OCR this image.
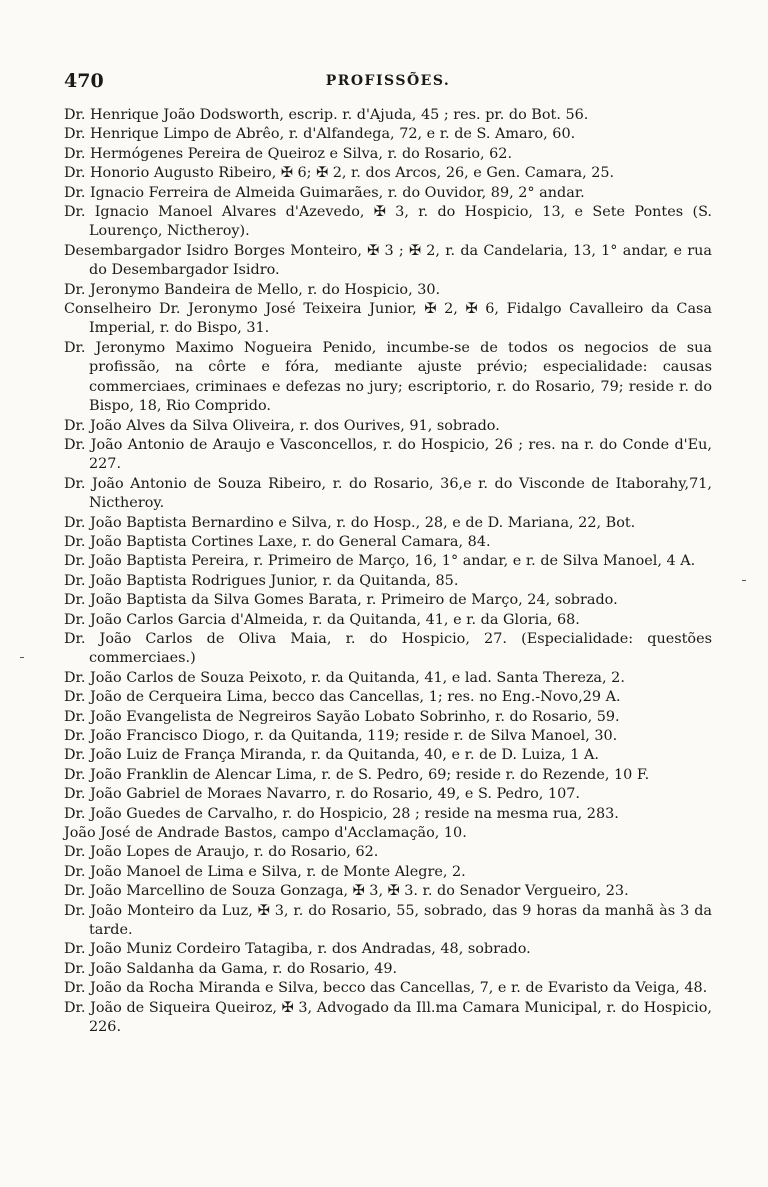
470	PROFISSÕES.

Dr. Henrique João Dodsworth, escrip. r. d'Ajuda, 45 ; res. pr. do Bot. 56.

Dr. Henrique Limpo de Abrêo, r. d'Alfandega, 72, e r. de S. Amaro, 60.

Dr. Hermógenes Pereira de Queiroz e Silva, r. do Rosario, 62.

Dr. Honorio Augusto Ribeiro, ✠ 6; ✠ 2, r. dos Arcos, 26, e Gen. Camara, 25.

Dr. Ignacio Ferreira de Almeida Guimarães, r. do Ouvidor, 89, 2° andar.

Dr. Ignacio Manoel Alvares d'Azevedo, ✠ 3, r. do Hospicio, 13, e Sete Pontes (S. Lourenço, Nictheroy).

Desembargador Isidro Borges Monteiro, ✠ 3 ; ✠ 2, r. da Candelaria, 13, 1° andar, e rua do Desembargador Isidro.

Dr. Jeronymo Bandeira de Mello, r. do Hospicio, 30.

Conselheiro Dr. Jeronymo José Teixeira Junior, ✠ 2, ✠ 6, Fidalgo Cavalleiro da Casa Imperial, r. do Bispo, 31.

Dr. Jeronymo Maximo Nogueira Penido, incumbe-se de todos os negocios de sua profissão, na côrte e fóra, mediante ajuste prévio; especialidade: causas commerciaes, criminaes e defezas no jury; escriptorio, r. do Rosario, 79; reside r. do Bispo, 18, Rio Comprido.

Dr. João Alves da Silva Oliveira, r. dos Ourives, 91, sobrado.

Dr. João Antonio de Araujo e Vasconcellos, r. do Hospicio, 26 ; res. na r. do Conde d'Eu, 227.

Dr. João Antonio de Souza Ribeiro, r. do Rosario, 36,e r. do Visconde de Itaborahy,71, Nictheroy.

Dr. João Baptista Bernardino e Silva, r. do Hosp., 28, e de D. Mariana, 22, Bot.

Dr. João Baptista Cortines Laxe, r. do General Camara, 84.

Dr. João Baptista Pereira, r. Primeiro de Março, 16, 1° andar, e r. de Silva Manoel, 4 A.

Dr. João Baptista Rodrigues Junior, r. da Quitanda, 85.

Dr. João Baptista da Silva Gomes Barata, r. Primeiro de Março, 24, sobrado.

Dr. João Carlos Garcia d'Almeida, r. da Quitanda, 41, e r. da Gloria, 68.

Dr. João Carlos de Oliva Maia, r. do Hospicio, 27. (Especialidade: questões commerciaes.)

Dr. João Carlos de Souza Peixoto, r. da Quitanda, 41, e lad. Santa Thereza, 2.

Dr. João de Cerqueira Lima, becco das Cancellas, 1; res. no Eng.-Novo,29 A.

Dr. João Evangelista de Negreiros Sayão Lobato Sobrinho, r. do Rosario, 59.

Dr. João Francisco Diogo, r. da Quitanda, 119; reside r. de Silva Manoel, 30.

Dr. João Luiz de França Miranda, r. da Quitanda, 40, e r. de D. Luiza, 1 A.

Dr. João Franklin de Alencar Lima, r. de S. Pedro, 69; reside r. do Rezende, 10 F.

Dr. João Gabriel de Moraes Navarro, r. do Rosario, 49, e S. Pedro, 107.

Dr. João Guedes de Carvalho, r. do Hospicio, 28 ; reside na mesma rua, 283.

João José de Andrade Bastos, campo d'Acclamação, 10.

Dr. João Lopes de Araujo, r. do Rosario, 62.

Dr. João Manoel de Lima e Silva, r. de Monte Alegre, 2.

Dr. João Marcellino de Souza Gonzaga, ✠ 3, ✠ 3. r. do Senador Vergueiro, 23.

Dr. João Monteiro da Luz, ✠ 3, r. do Rosario, 55, sobrado, das 9 horas da manhã às 3 da tarde.

Dr. João Muniz Cordeiro Tatagiba, r. dos Andradas, 48, sobrado.

Dr. João Saldanha da Gama, r. do Rosario, 49.

Dr. João da Rocha Miranda e Silva, becco das Cancellas, 7, e r. de Evaristo da Veiga, 48.

Dr. João de Siqueira Queiroz, ✠ 3, Advogado da Ill.ma Camara Municipal, r. do Hospicio, 226.
